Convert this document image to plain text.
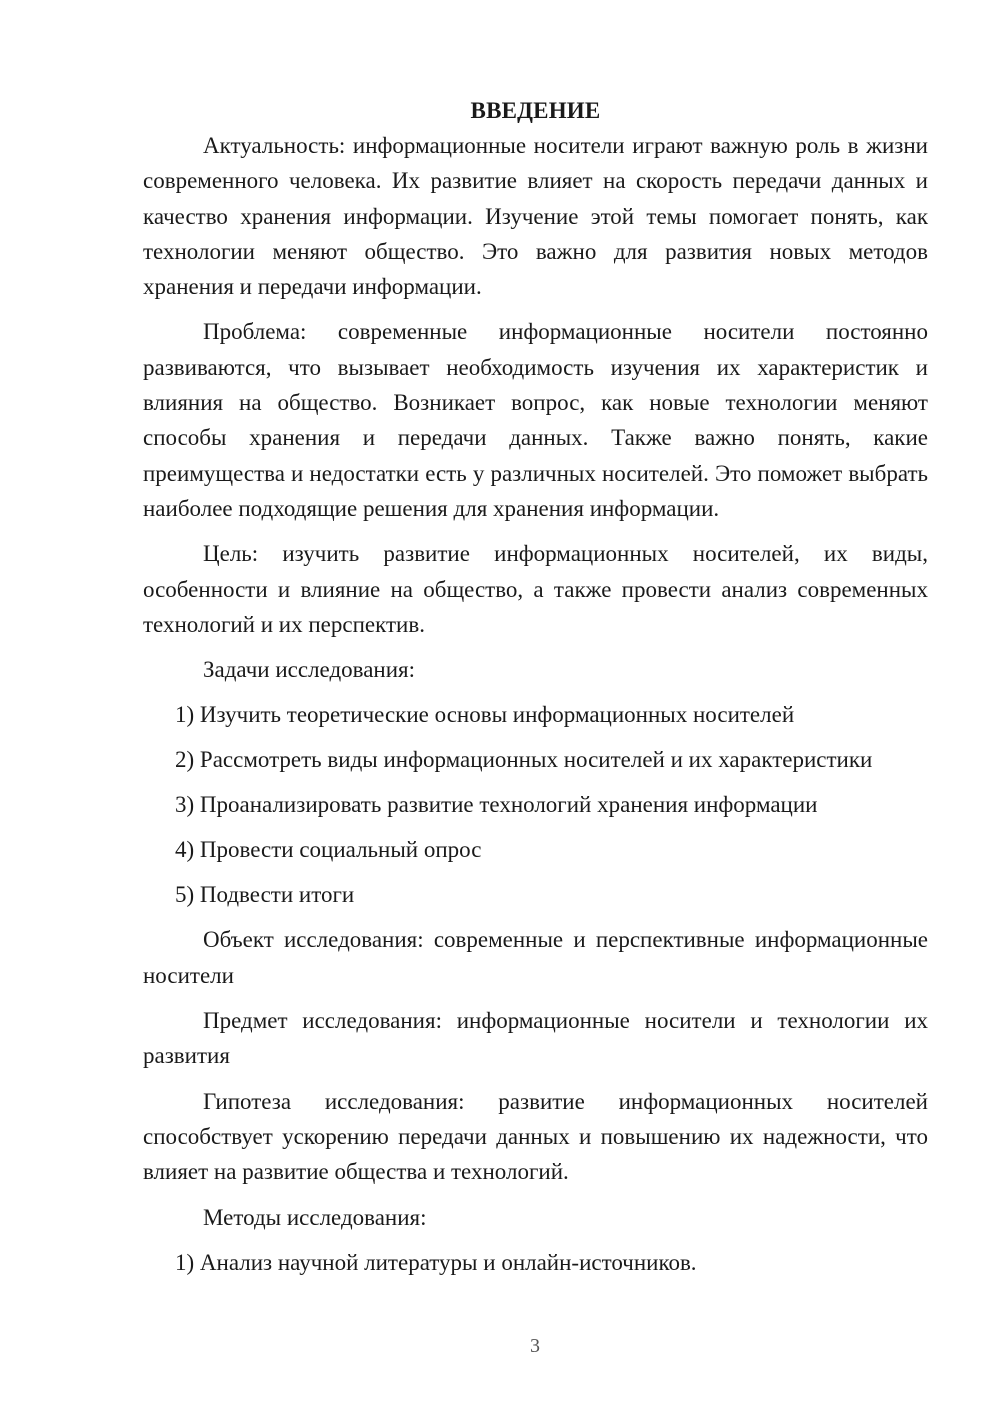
ВВЕДЕНИЕ

Актуальность: информационные носители играют важную роль в жизни современного человека. Их развитие влияет на скорость передачи данных и качество хранения информации. Изучение этой темы помогает понять, как технологии меняют общество. Это важно для развития новых методов хранения и передачи информации.

Проблема: современные информационные носители постоянно развиваются, что вызывает необходимость изучения их характеристик и влияния на общество. Возникает вопрос, как новые технологии меняют способы хранения и передачи данных. Также важно понять, какие преимущества и недостатки есть у различных носителей. Это поможет выбрать наиболее подходящие решения для хранения информации.

Цель: изучить развитие информационных носителей, их виды, особенности и влияние на общество, а также провести анализ современных технологий и их перспектив.

Задачи исследования:

1) Изучить теоретические основы информационных носителей

2) Рассмотреть виды информационных носителей и их характеристики

3) Проанализировать развитие технологий хранения информации

4) Провести социальный опрос

5) Подвести итоги

Объект исследования: современные и перспективные информационные носители

Предмет исследования: информационные носители и технологии их развития

Гипотеза исследования: развитие информационных носителей способствует ускорению передачи данных и повышению их надежности, что влияет на развитие общества и технологий.

Методы исследования:

1) Анализ научной литературы и онлайн-источников.

3
